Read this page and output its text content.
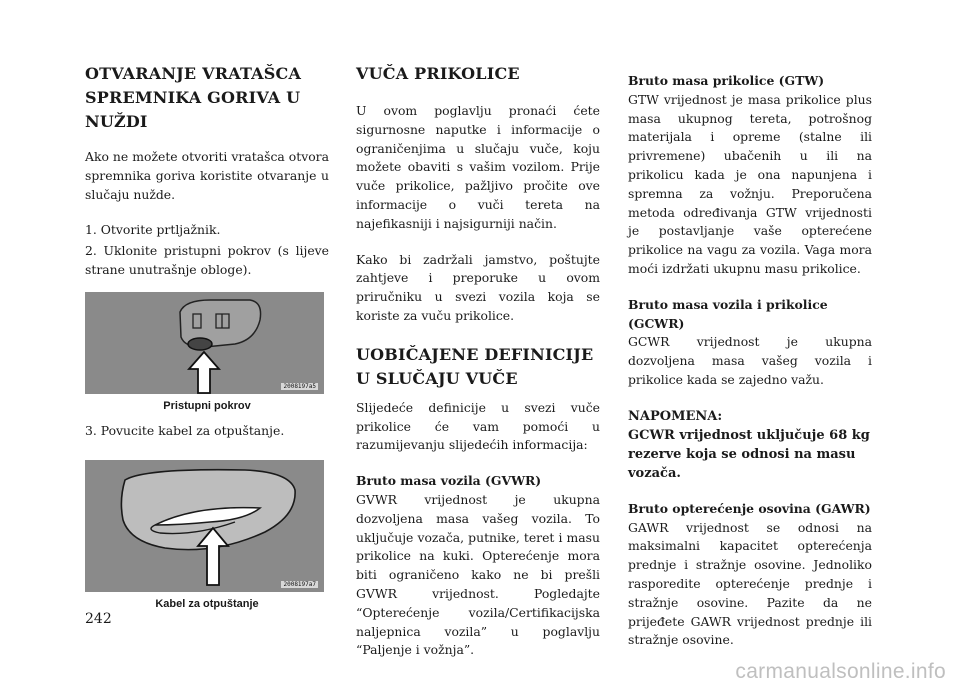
OTVARANJE VRATAŠCA SPREMNIKA GORIVA U NUŽDI
Ako ne možete otvoriti vratašca otvora spremnika goriva koristite otvaranje u slučaju nužde.
1. Otvorite prtljažnik.
2. Uklonite pristupni pokrov (s lijeve strane unutrašnje obloge).
2008197a5
Pristupni pokrov
3. Povucite kabel za otpuštanje.
2008197a7
Kabel za otpuštanje
VUČA PRIKOLICE
U ovom poglavlju pronaći ćete sigurnosne naputke i informacije o ograničenjima u slučaju vuče, koju možete obaviti s vašim vozilom. Prije vuče prikolice, pažljivo pročite ove informacije o vuči tereta na najefikasniji i najsigurniji način.
Kako bi zadržali jamstvo, poštujte zahtjeve i preporuke u ovom priručniku u svezi vozila koja se koriste za vuču prikolice.
UOBIČAJENE DEFINICIJE U SLUČAJU VUČE
Slijedeće definicije u svezi vuče prikolice će vam pomoći u razumijevanju slijedećih informacija:
Bruto masa vozila (GVWR)
GVWR vrijednost je ukupna dozvoljena masa vašeg vozila. To uključuje vozača, putnike, teret i masu prikolice na kuki. Opterećenje mora biti ograničeno kako ne bi prešli GVWR vrijednost. Pogledajte “Opterećenje vozila/Certifikacijska naljepnica vozila” u poglavlju “Paljenje i vožnja”.
Bruto masa prikolice (GTW)
GTW vrijednost je masa prikolice plus masa ukupnog tereta, potrošnog materijala i opreme (stalne ili privremene) ubačenih u ili na prikolicu kada je ona napunjena i spremna za vožnju. Preporučena metoda određivanja GTW vrijednosti je postavljanje vaše opterećene prikolice na vagu za vozila. Vaga mora moći izdržati ukupnu masu prikolice.
Bruto masa vozila i prikolice (GCWR)
GCWR vrijednost je ukupna dozvoljena masa vašeg vozila i prikolice kada se zajedno važu.
NAPOMENA:
GCWR vrijednost uključuje 68 kg rezerve koja se odnosi na masu vozača.
Bruto opterećenje osovina (GAWR)
GAWR vrijednost se odnosi na maksimalni kapacitet opterećenja prednje i stražnje osovine. Jednoliko rasporedite opterećenje prednje i stražnje osovine. Pazite da ne prijeđete GAWR vrijednost prednje ili stražnje osovine.
242
carmanualsonline.info
